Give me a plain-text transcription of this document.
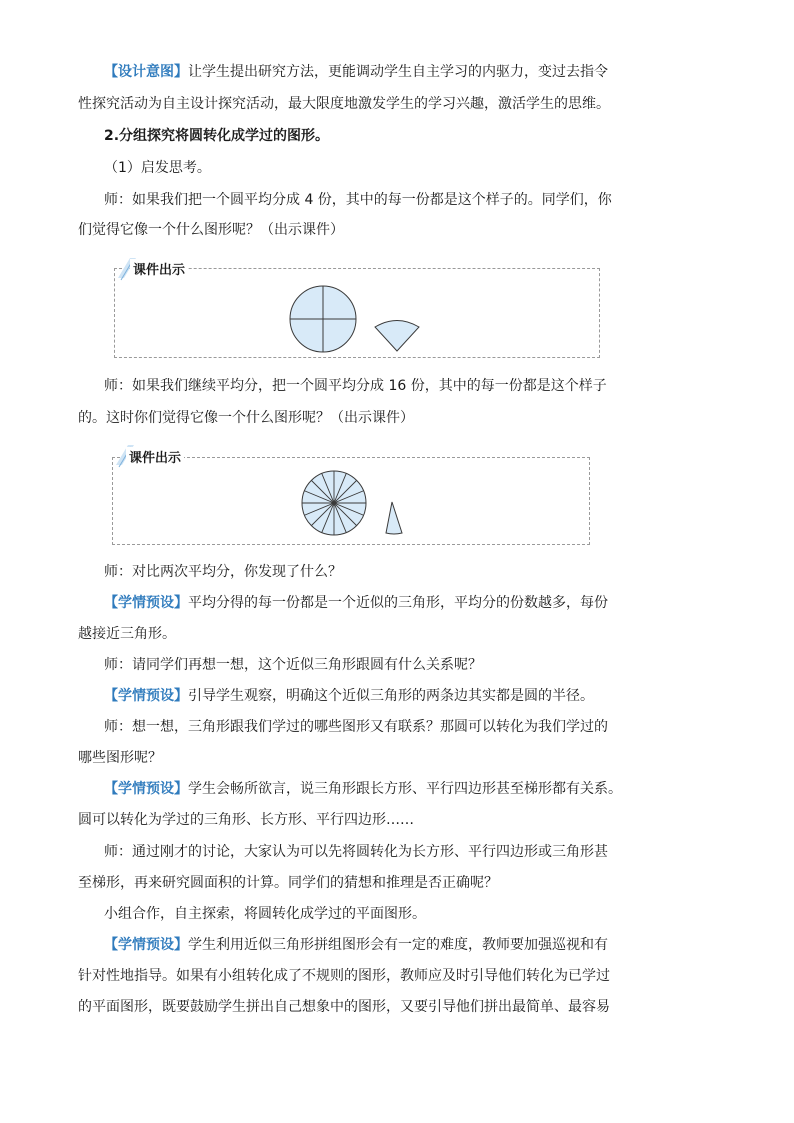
【设计意图】让学生提出研究方法，更能调动学生自主学习的内驱力，变过去指令
性探究活动为自主设计探究活动，最大限度地激发学生的学习兴趣，激活学生的思维。
2.分组探究将圆转化成学过的图形。
（1）启发思考。
师：如果我们把一个圆平均分成 4 份，其中的每一份都是这个样子的。同学们，你
们觉得它像一个什么图形呢？（出示课件）
课件出示
师：如果我们继续平均分，把一个圆平均分成 16 份，其中的每一份都是这个样子
的。这时你们觉得它像一个什么图形呢？（出示课件）
课件出示
师：对比两次平均分，你发现了什么？
【学情预设】平均分得的每一份都是一个近似的三角形，平均分的份数越多，每份
越接近三角形。
师：请同学们再想一想，这个近似三角形跟圆有什么关系呢？
【学情预设】引导学生观察，明确这个近似三角形的两条边其实都是圆的半径。
师：想一想，三角形跟我们学过的哪些图形又有联系？那圆可以转化为我们学过的
哪些图形呢？
【学情预设】学生会畅所欲言，说三角形跟长方形、平行四边形甚至梯形都有关系。
圆可以转化为学过的三角形、长方形、平行四边形……
师：通过刚才的讨论，大家认为可以先将圆转化为长方形、平行四边形或三角形甚
至梯形，再来研究圆面积的计算。同学们的猜想和推理是否正确呢？
小组合作，自主探索，将圆转化成学过的平面图形。
【学情预设】学生利用近似三角形拼组图形会有一定的难度，教师要加强巡视和有
针对性地指导。如果有小组转化成了不规则的图形，教师应及时引导他们转化为已学过
的平面图形，既要鼓励学生拼出自己想象中的图形，又要引导他们拼出最简单、最容易
